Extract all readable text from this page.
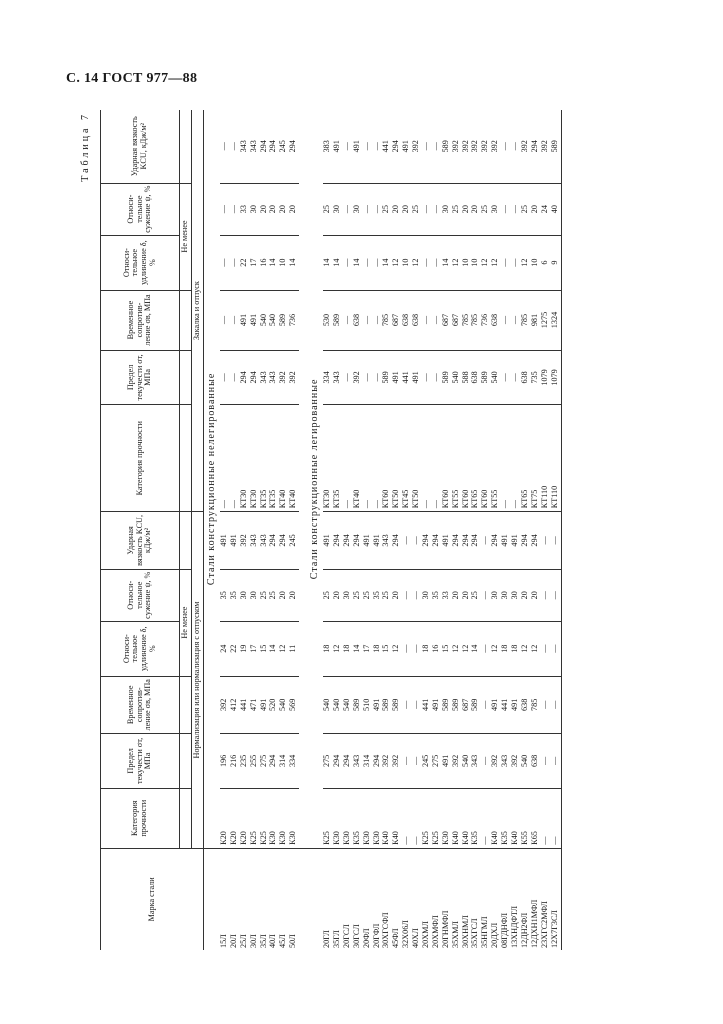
С. 14 ГОСТ 977—88
Таблица 7
Марка стали	Категория прочности	Предел текучести σт, МПа	Временное сопротив- ление σв, МПа	Относи- тельное удлинение δ, %	Относи- тельное сужение ψ, %	Ударная вязкость KCU, кДж/м²	Категория прочности	Предел текучести σт, МПа	Временное сопротив- ление σв, МПа	Относи- тельное удлинение δ, %	Относи- тельное сужение ψ, %	Ударная вязкость KCU, кДж/м²
				Не менее						Не менее		
	Нормализация или нормализация с отпуском						Закалка и отпуск					
	Стали конструкционные нелегированные											
15Л	К20	196	392	24	35	491	—	—	—	—	—	—
20Л	К20	216	412	22	35	491	—	—	—	—	—	—
25Л	К20	235	441	19	30	392	КТ30	294	491	22	33	343
30Л	К25	255	471	17	30	343	КТ30	294	491	17	30	343
35Л	К25	275	491	15	25	343	КТ35	343	540	16	20	294
40Л	К30	294	520	14	25	294	КТ35	343	540	14	20	294
45Л	К30	314	540	12	20	294	КТ40	392	589	10	20	245
50Л	К30	334	569	11	20	245	КТ40	392	736	14	20	294

	Стали конструкционные легированные											
20ГЛ	К25	275	540	18	25	491	КТ30	334	530	14	25	383
35ГЛ	К30	294	540	12	20	294	КТ35	343	589	14	30	491
20ГСЛ	К30	294	540	18	30	294	—	—	—	—	—	—
30ГСЛ	К35	343	589	14	25	294	КТ40	392	638	14	30	491
20ФЛ	К30	314	510	17	25	491	—	—	—	—	—	—
20ГФЛ	К30	294	491	18	35	491	—	—	—	—	—	—
30ХГСФЛ	К40	392	589	15	25	343	КТ60	589	785	14	25	441
45ФЛ	К40	392	589	12	20	294	КТ50	491	687	12	20	294
32Х06Л	—	—	—	—	—	—	КТ45	441	638	10	20	491
40ХЛ	—	—	—	—	—	—	КТ50	491	638	12	25	392
20ХМЛ	К25	245	441	18	30	294	—	—	—	—	—	—
20ХМФЛ	К25	275	491	16	35	294	—	—	—	—	—	—
20ГНМФЛ	К30	491	589	15	33	491	КТ60	589	687	14	30	589
35ХМЛ	К40	392	589	12	20	294	КТ55	540	687	12	25	392
30ХНМЛ	К40	540	687	12	20	294	КТ60	588	785	10	20	392
35ХГСЛ	К35	343	589	14	25	294	КТ65	638	785	10	20	392
35НГМЛ	—	—	—	—	—	—	КТ60	589	736	12	25	392
20ДХЛ	К40	392	491	12	30	294	КТ55	540	638	12	30	392
08ГДНФЛ	К35	343	441	18	30	491	—	—	—	—	—	—
13ХНДФТЛ	К40	392	491	18	30	491	—	—	—	—	—	—
12ДН2ФЛ	К55	540	638	12	20	294	КТ65	638	785	12	25	392
12ДХН1МФЛ	К65	638	785	12	20	294	КТ75	735	981	10	20	294
23ХГС2МФЛ	—	—	—	—	—	—	КТ110	1079	1275	6	24	392
12Х7Г3СЛ	—	—	—	—	—	—	КТ110	1079	1324	9	40	589
